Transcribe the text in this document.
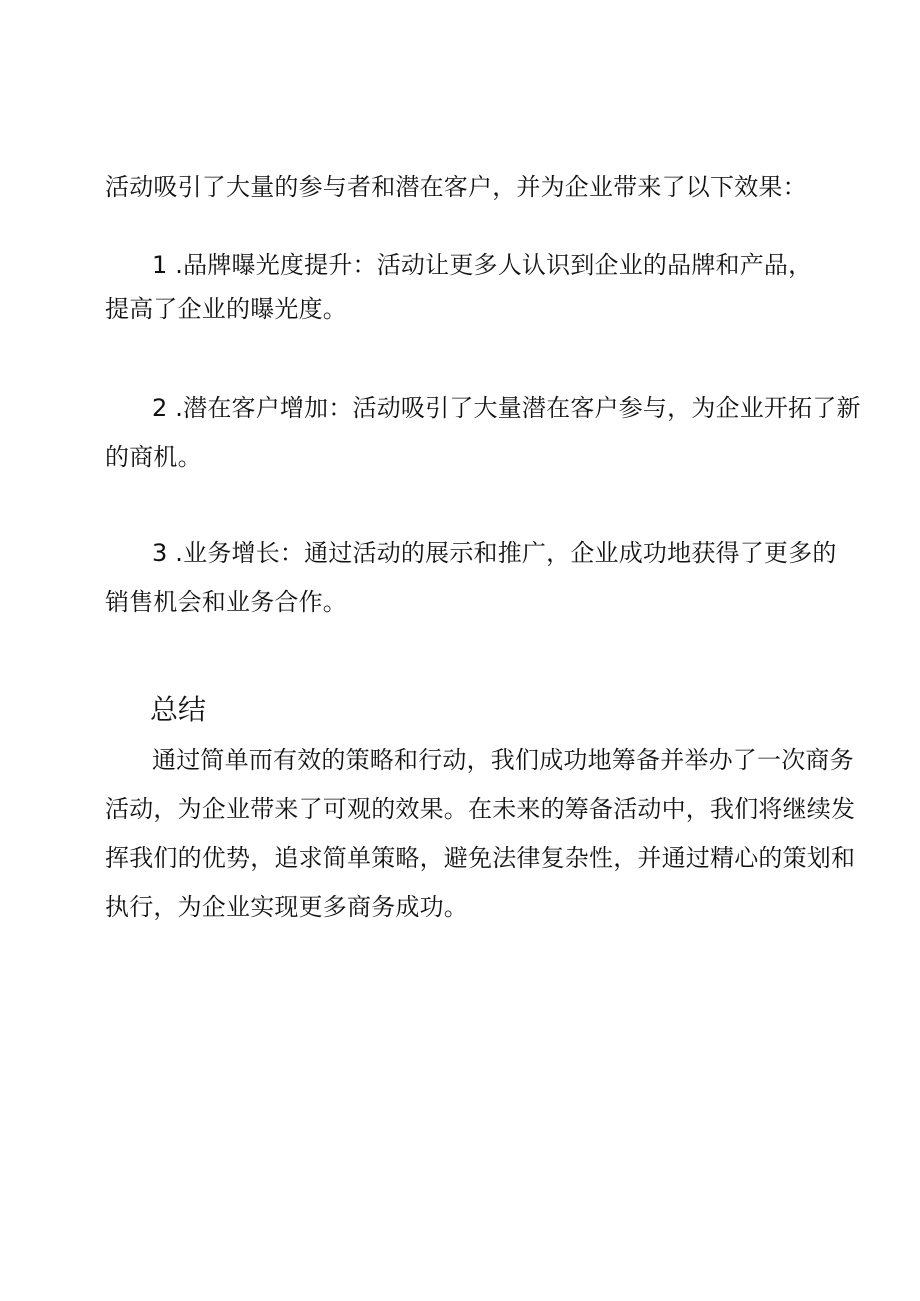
活动吸引了大量的参与者和潜在客户，并为企业带来了以下效果：
1 .品牌曝光度提升：活动让更多人认识到企业的品牌和产品，
提高了企业的曝光度。
2 .潜在客户增加：活动吸引了大量潜在客户参与，为企业开拓了新
的商机。
3 .业务增长：通过活动的展示和推广，企业成功地获得了更多的
销售机会和业务合作。
总结
通过简单而有效的策略和行动，我们成功地筹备并举办了一次商务
活动，为企业带来了可观的效果。在未来的筹备活动中，我们将继续发
挥我们的优势，追求简单策略，避免法律复杂性，并通过精心的策划和
执行，为企业实现更多商务成功。
